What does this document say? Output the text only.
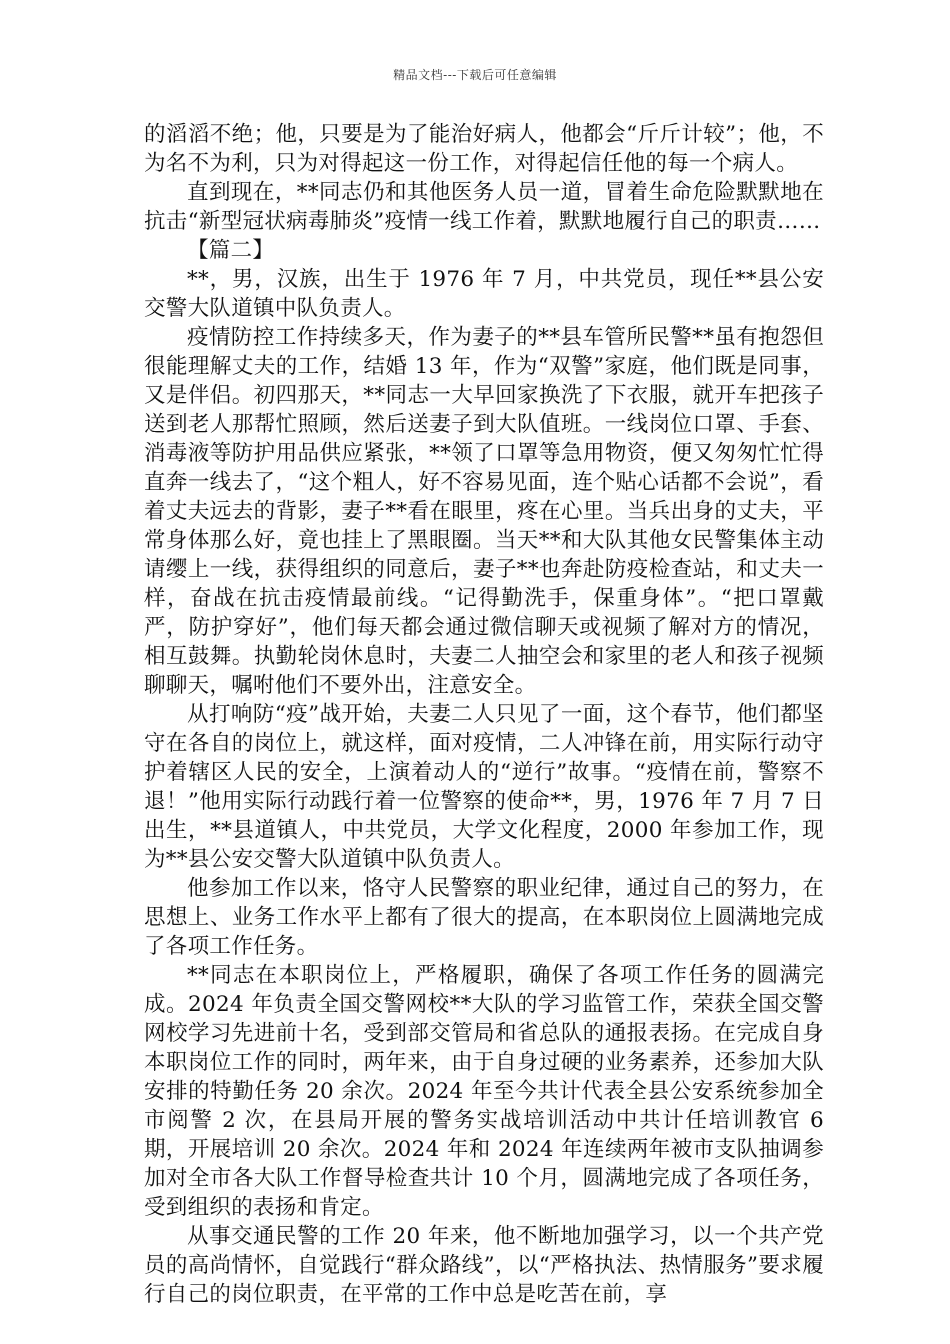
精品文档---下载后可任意编辑

的滔滔不绝；他，只要是为了能治好病人，他都会“斤斤计较”；他，不为名不为利，只为对得起这一份工作，对得起信任他的每一个病人。

直到现在，**同志仍和其他医务人员一道，冒着生命危险默默地在抗击“新型冠状病毒肺炎”疫情一线工作着，默默地履行自己的职责……

【篇二】

**，男，汉族，出生于 1976 年 7 月，中共党员，现任**县公安交警大队道镇中队负责人。

疫情防控工作持续多天，作为妻子的**县车管所民警**虽有抱怨但很能理解丈夫的工作，结婚 13 年，作为“双警”家庭，他们既是同事，又是伴侣。初四那天，**同志一大早回家换洗了下衣服，就开车把孩子送到老人那帮忙照顾，然后送妻子到大队值班。一线岗位口罩、手套、消毒液等防护用品供应紧张，**领了口罩等急用物资，便又匆匆忙忙得直奔一线去了，“这个粗人，好不容易见面，连个贴心话都不会说”，看着丈夫远去的背影，妻子**看在眼里，疼在心里。当兵出身的丈夫，平常身体那么好，竟也挂上了黑眼圈。当天**和大队其他女民警集体主动请缨上一线，获得组织的同意后，妻子**也奔赴防疫检查站，和丈夫一样，奋战在抗击疫情最前线。“记得勤洗手，保重身体”。“把口罩戴严，防护穿好”，他们每天都会通过微信聊天或视频了解对方的情况，相互鼓舞。执勤轮岗休息时，夫妻二人抽空会和家里的老人和孩子视频聊聊天，嘱咐他们不要外出，注意安全。

从打响防“疫”战开始，夫妻二人只见了一面，这个春节，他们都坚守在各自的岗位上，就这样，面对疫情，二人冲锋在前，用实际行动守护着辖区人民的安全，上演着动人的“逆行”故事。“疫情在前，警察不退！”他用实际行动践行着一位警察的使命**，男，1976 年 7 月 7 日出生，**县道镇人，中共党员，大学文化程度，2000 年参加工作，现为**县公安交警大队道镇中队负责人。

他参加工作以来，恪守人民警察的职业纪律，通过自己的努力，在思想上、业务工作水平上都有了很大的提高，在本职岗位上圆满地完成了各项工作任务。

**同志在本职岗位上，严格履职，确保了各项工作任务的圆满完成。2024 年负责全国交警网校**大队的学习监管工作，荣获全国交警网校学习先进前十名，受到部交管局和省总队的通报表扬。在完成自身本职岗位工作的同时，两年来，由于自身过硬的业务素养，还参加大队安排的特勤任务 20 余次。2024 年至今共计代表全县公安系统参加全市阅警 2 次，在县局开展的警务实战培训活动中共计任培训教官 6 期，开展培训 20 余次。2024 年和 2024 年连续两年被市支队抽调参加对全市各大队工作督导检查共计 10 个月，圆满地完成了各项任务，受到组织的表扬和肯定。

从事交通民警的工作 20 年来，他不断地加强学习，以一个共产党员的高尚情怀，自觉践行“群众路线”，以“严格执法、热情服务”要求履行自己的岗位职责，在平常的工作中总是吃苦在前，享
